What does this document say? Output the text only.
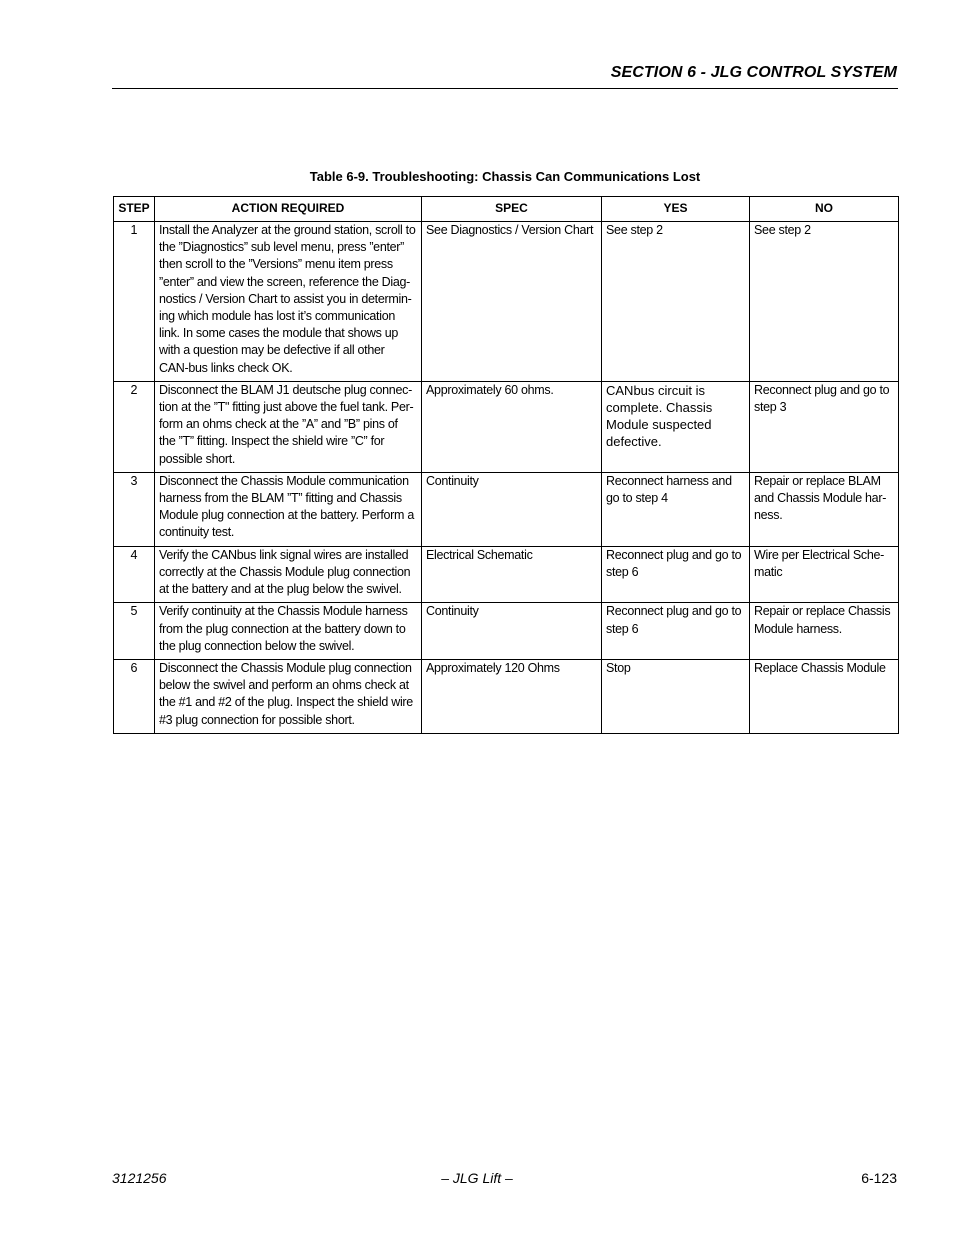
SECTION 6 - JLG CONTROL SYSTEM
Table 6-9. Troubleshooting: Chassis Can Communications Lost
STEP	ACTION REQUIRED	SPEC	YES	NO
1	Install the Analyzer at the ground station, scroll to the ”Diagnostics” sub level menu, press ”enter” then scroll to the ”Versions” menu item press ”enter” and view the screen, reference the Diag-nostics / Version Chart to assist you in determin-ing which module has lost it’s communication link. In some cases the module that shows up with a question may be defective if all other CAN-bus links check OK.	See Diagnostics / Version Chart	See step 2	See step 2
2	Disconnect the BLAM J1 deutsche plug connec-tion at the ”T" fitting just above the fuel tank. Per-form an ohms check at the ”A” and ”B” pins of the ”T” fitting. Inspect the shield wire ”C” for possible short.	Approximately 60 ohms.	CANbus circuit is complete. Chassis Module suspected defective.	Reconnect plug and go to step 3
3	Disconnect the Chassis Module communication harness from the BLAM ”T” fitting and Chassis Module plug connection at the battery. Perform a continuity test.	Continuity	Reconnect harness and go to step 4	Repair or replace BLAM and Chassis Module har-ness.
4	Verify the CANbus link signal wires are installed correctly at the Chassis Module plug connection at the battery and at the plug below the swivel.	Electrical Schematic	Reconnect plug and go to step 6	Wire per Electrical Sche-matic
5	Verify continuity at the Chassis Module harness from the plug connection at the battery down to the plug connection below the swivel.	Continuity	Reconnect plug and go to step 6	Repair or replace Chassis Module harness.
6	Disconnect the Chassis Module plug connection below the swivel and perform an ohms check at the #1 and #2 of the plug. Inspect the shield wire #3 plug connection for possible short.	Approximately 120 Ohms	Stop	Replace Chassis Module
3121256	– JLG Lift –	6-123
